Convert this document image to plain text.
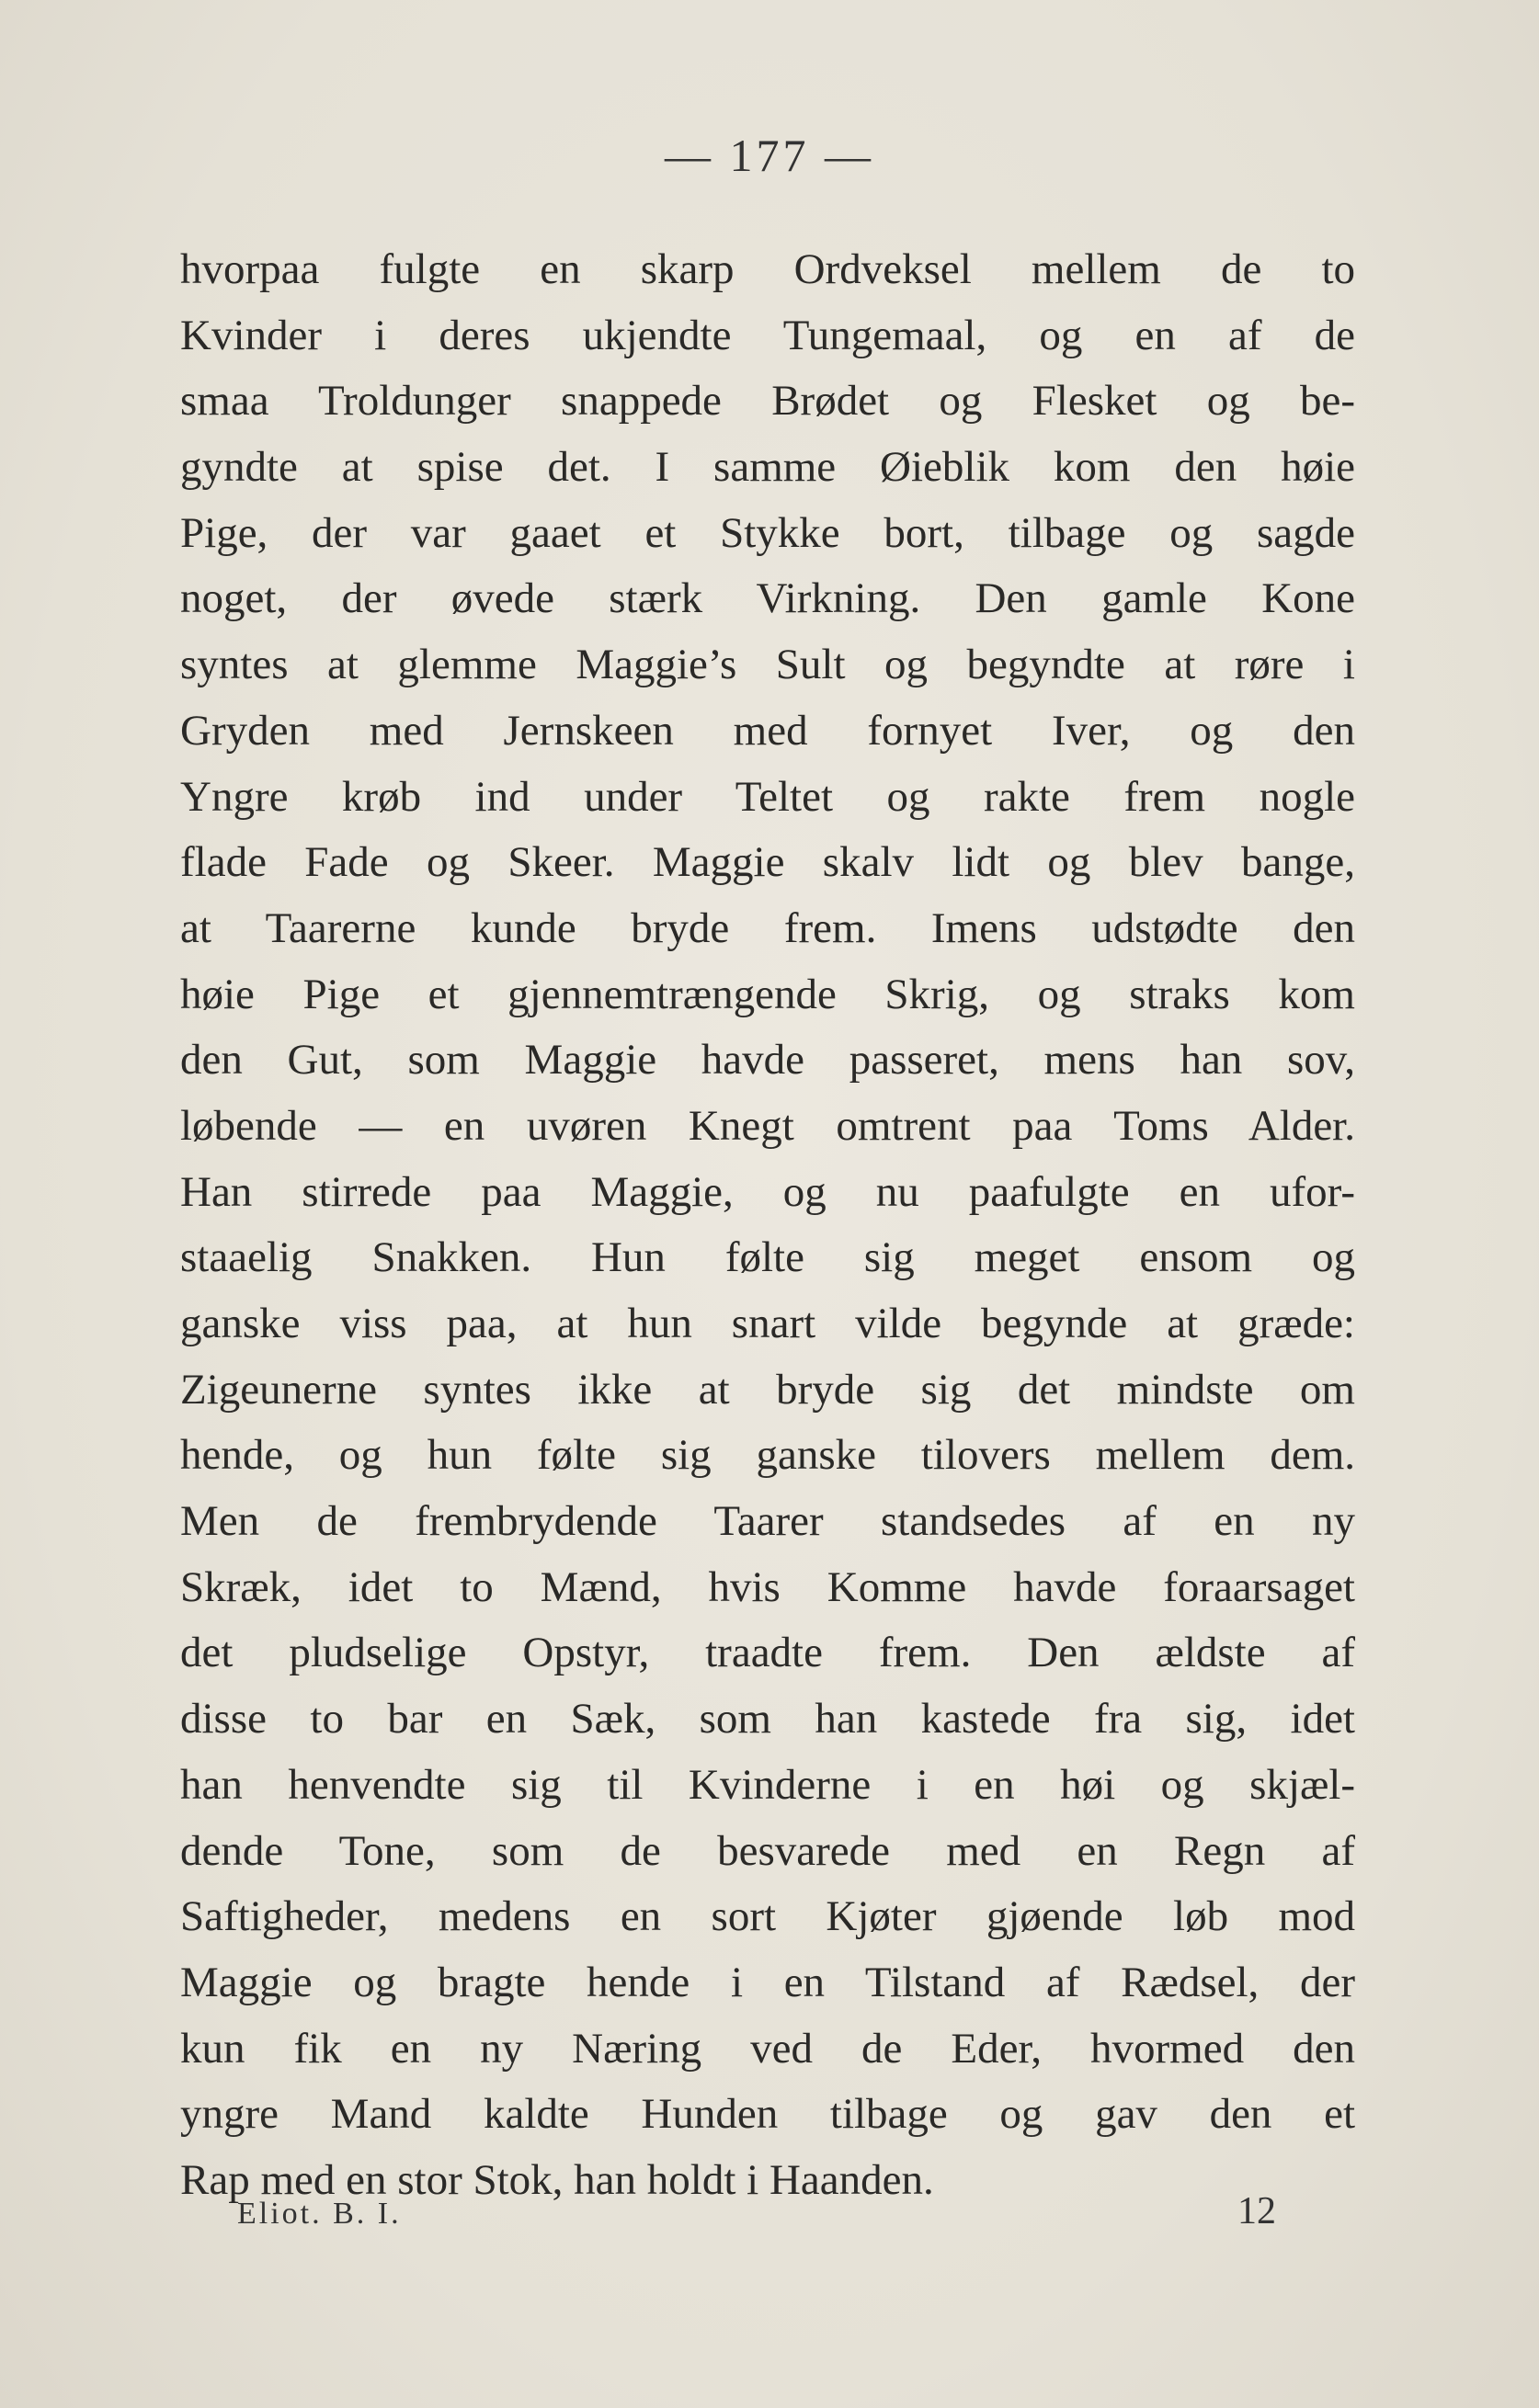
— 177 —
hvorpaa fulgte en skarp Ordveksel mellem de to
Kvinder i deres ukjendte Tungemaal, og en af de
smaa Troldunger snappede Brødet og Flesket og be-
gyndte at spise det. I samme Øieblik kom den høie
Pige, der var gaaet et Stykke bort, tilbage og sagde
noget, der øvede stærk Virkning. Den gamle Kone
syntes at glemme Maggie’s Sult og begyndte at røre i
Gryden med Jernskeen med fornyet Iver, og den
Yngre krøb ind under Teltet og rakte frem nogle
flade Fade og Skeer. Maggie skalv lidt og blev bange,
at Taarerne kunde bryde frem. Imens udstødte den
høie Pige et gjennemtrængende Skrig, og straks kom
den Gut, som Maggie havde passeret, mens han sov,
løbende — en uvøren Knegt omtrent paa Toms Alder.
Han stirrede paa Maggie, og nu paafulgte en ufor-
staaelig Snakken. Hun følte sig meget ensom og
ganske viss paa, at hun snart vilde begynde at græde:
Zigeunerne syntes ikke at bryde sig det mindste om
hende, og hun følte sig ganske tilovers mellem dem.
Men de frembrydende Taarer standsedes af en ny
Skræk, idet to Mænd, hvis Komme havde foraarsaget
det pludselige Opstyr, traadte frem. Den ældste af
disse to bar en Sæk, som han kastede fra sig, idet
han henvendte sig til Kvinderne i en høi og skjæl-
dende Tone, som de besvarede med en Regn af
Saftigheder, medens en sort Kjøter gjøende løb mod
Maggie og bragte hende i en Tilstand af Rædsel, der
kun fik en ny Næring ved de Eder, hvormed den
yngre Mand kaldte Hunden tilbage og gav den et
Rap med en stor Stok, han holdt i Haanden.
Eliot. B. I.	12
